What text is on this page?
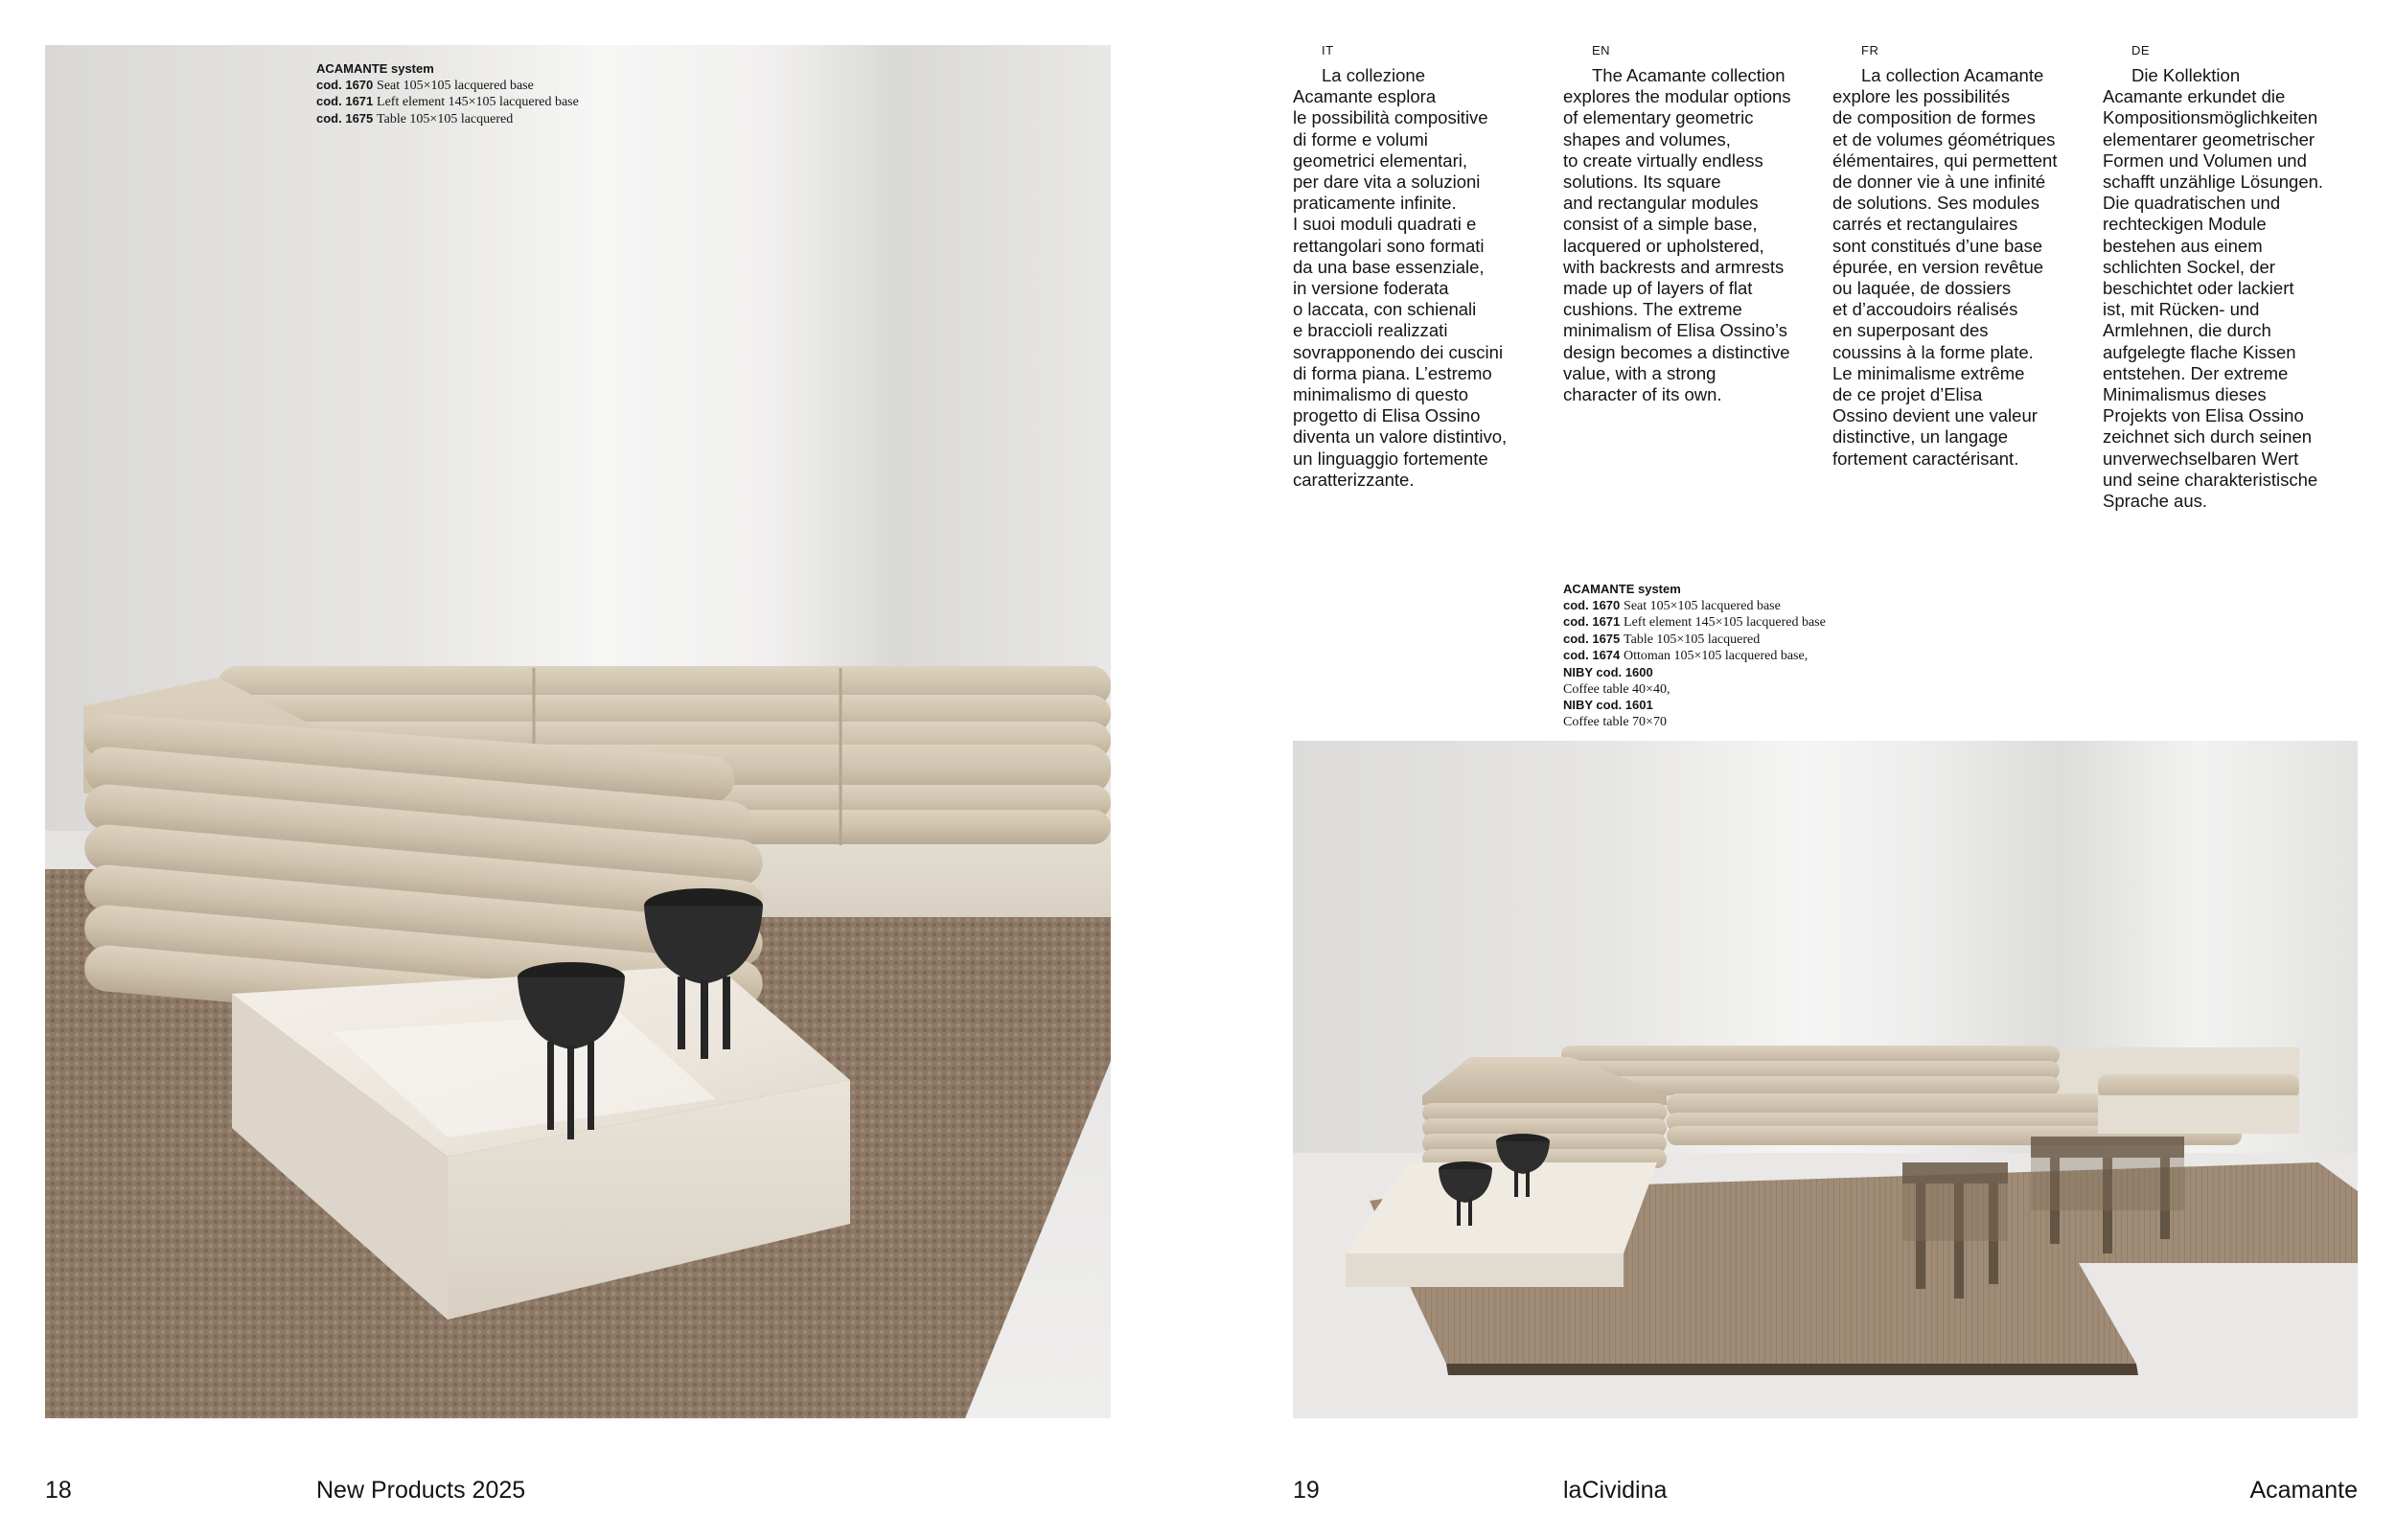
ACAMANTE system
cod. 1670 Seat 105×105 lacquered base
cod. 1671 Left element 145×105 lacquered base
cod. 1675 Table 105×105 lacquered
IT
La collezione
Acamante esplora
le possibilità compositive
di forme e volumi
geometrici elementari,
per dare vita a soluzioni
praticamente infinite.
I suoi moduli quadrati e
rettangolari sono formati
da una base essenziale,
in versione foderata
o laccata, con schienali
e braccioli realizzati
sovrapponendo dei cuscini
di forma piana. L’estremo
minimalismo di questo
progetto di Elisa Ossino
diventa un valore distintivo,
un linguaggio fortemente
caratterizzante.
EN
The Acamante collection
explores the modular options
of elementary geometric
shapes and volumes,
to create virtually endless
solutions. Its square
and rectangular modules
consist of a simple base,
lacquered or upholstered,
with backrests and armrests
made up of layers of flat
cushions. The extreme
minimalism of Elisa Ossino’s
design becomes a distinctive
value, with a strong
character of its own.
FR
La collection Acamante
explore les possibilités
de composition de formes
et de volumes géométriques
élémentaires, qui permettent
de donner vie à une infinité
de solutions. Ses modules
carrés et rectangulaires
sont constitués d’une base
épurée, en version revêtue
ou laquée, de dossiers
et d’accoudoirs réalisés
en superposant des
coussins à la forme plate.
Le minimalisme extrême
de ce projet d’Elisa
Ossino devient une valeur
distinctive, un langage
fortement caractérisant.
DE
Die Kollektion
Acamante erkundet die
Kompositionsmöglichkeiten
elementarer geometrischer
Formen und Volumen und
schafft unzählige Lösungen.
Die quadratischen und
rechteckigen Module
bestehen aus einem
schlichten Sockel, der
beschichtet oder lackiert
ist, mit Rücken- und
Armlehnen, die durch
aufgelegte flache Kissen
entstehen. Der extreme
Minimalismus dieses
Projekts von Elisa Ossino
zeichnet sich durch seinen
unverwechselbaren Wert
und seine charakteristische
Sprache aus.
ACAMANTE system
cod. 1670 Seat 105×105 lacquered base
cod. 1671 Left element 145×105 lacquered base
cod. 1675 Table 105×105 lacquered
cod. 1674 Ottoman 105×105 lacquered base,
NIBY cod. 1600
Coffee table 40×40,
NIBY cod. 1601
Coffee table 70×70
18	New Products 2025	19	laCividina	Acamante
